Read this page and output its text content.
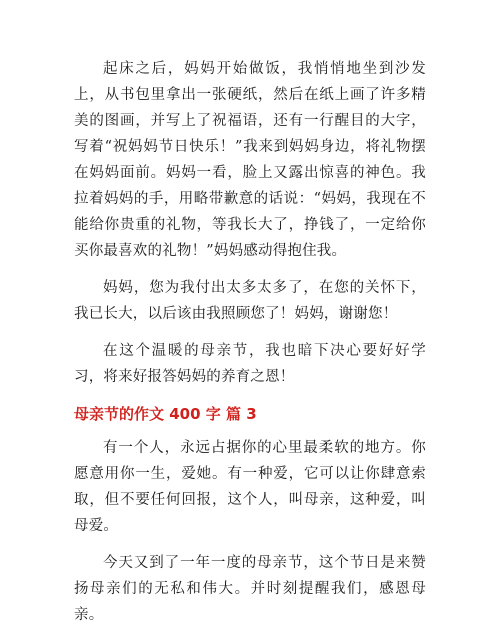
起床之后，妈妈开始做饭，我悄悄地坐到沙发上，从书包里拿出一张硬纸，然后在纸上画了许多精美的图画，并写上了祝福语，还有一行醒目的大字，写着“祝妈妈节日快乐！”我来到妈妈身边，将礼物摆在妈妈面前。妈妈一看，脸上又露出惊喜的神色。我拉着妈妈的手，用略带歉意的话说：“妈妈，我现在不能给你贵重的礼物，等我长大了，挣钱了，一定给你买你最喜欢的礼物！”妈妈感动得抱住我。

妈妈，您为我付出太多太多了，在您的关怀下，我已长大，以后该由我照顾您了！妈妈，谢谢您！

在这个温暖的母亲节，我也暗下决心要好好学习，将来好报答妈妈的养育之恩！

母亲节的作文 400 字 篇 3

有一个人，永远占据你的心里最柔软的地方。你愿意用你一生，爱她。有一种爱，它可以让你肆意索取，但不要任何回报，这个人，叫母亲，这种爱，叫母爱。

今天又到了一年一度的母亲节，这个节日是来赞扬母亲们的无私和伟大。并时刻提醒我们，感恩母亲。
